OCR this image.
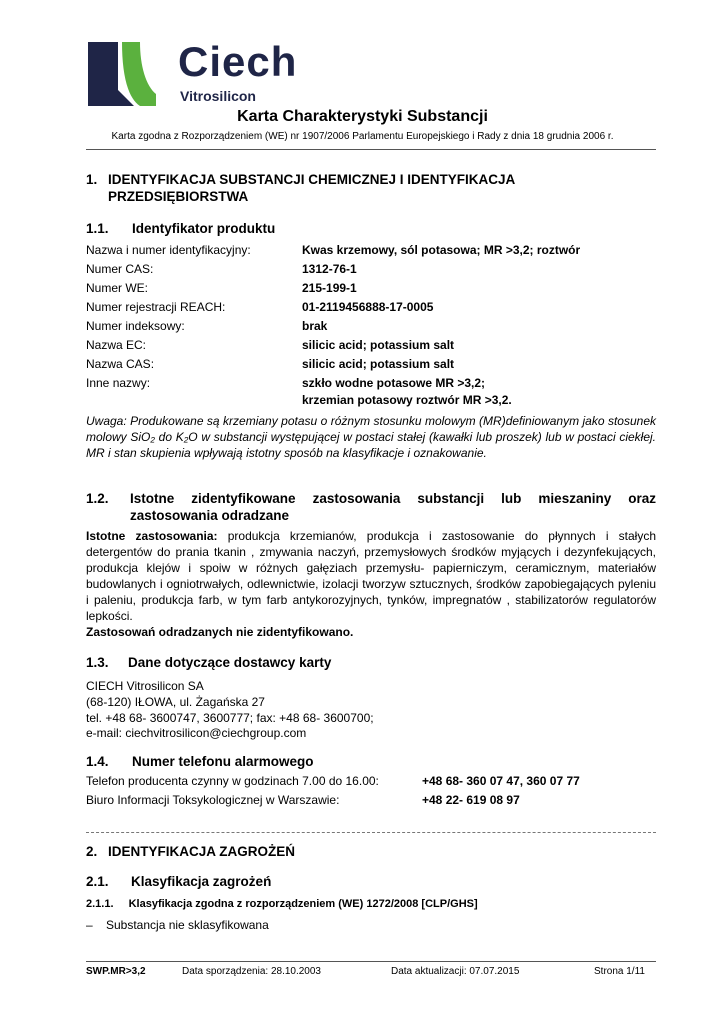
Ciech
Vitrosilicon
Karta Charakterystyki Substancji
Karta zgodna z Rozporządzeniem (WE) nr 1907/2006 Parlamentu Europejskiego i Rady z dnia 18 grudnia 2006 r.
1. IDENTYFIKACJA SUBSTANCJI CHEMICZNEJ I IDENTYFIKACJA PRZEDSIĘBIORSTWA
1.1.	Identyfikator produktu
Nazwa i numer identyfikacyjny:	Kwas krzemowy, sól potasowa; MR >3,2; roztwór
Numer CAS:	1312-76-1
Numer WE:	215-199-1
Numer rejestracji REACH:	01-2119456888-17-0005
Numer indeksowy:	brak
Nazwa EC:	silicic acid; potassium salt
Nazwa CAS:	silicic acid; potassium salt
Inne nazwy:	szkło wodne potasowe MR >3,2;
krzemian potasowy roztwór MR >3,2.
Uwaga: Produkowane są krzemiany potasu o różnym stosunku molowym (MR)definiowanym jako stosunek molowy SiO₂ do K₂O w substancji występującej w postaci stałej (kawałki lub proszek) lub w postaci ciekłej. MR i stan skupienia wpływają istotny sposób na klasyfikacje i oznakowanie.
1.2.	Istotne zidentyfikowane zastosowania substancji lub mieszaniny oraz zastosowania odradzane
Istotne zastosowania: produkcja krzemianów, produkcja i zastosowanie do płynnych i stałych detergentów do prania tkanin , zmywania naczyń, przemysłowych środków myjących i dezynfekujących, produkcja klejów i spoiw w różnych gałęziach przemysłu- papierniczym, ceramicznym, materiałów budowlanych i ogniotrwałych, odlewnictwie, izolacji tworzyw sztucznych, środków zapobiegających pyleniu i paleniu, produkcja farb, w tym farb antykorozyjnych, tynków, impregnatów , stabilizatorów regulatorów lepkości.
Zastosowań odradzanych nie zidentyfikowano.
1.3.	Dane dotyczące dostawcy karty
CIECH Vitrosilicon SA
(68-120) IŁOWA, ul. Żagańska 27
tel. +48 68- 3600747, 3600777; fax: +48 68- 3600700;
e-mail: ciechvitrosilicon@ciechgroup.com
1.4.	Numer telefonu alarmowego
Telefon producenta czynny w godzinach 7.00 do 16.00:	+48 68- 360 07 47, 360 07 77
Biuro Informacji Toksykologicznej w Warszawie:	+48 22- 619 08 97
2. IDENTYFIKACJA ZAGROŻEŃ
2.1.	Klasyfikacja zagrożeń
2.1.1. Klasyfikacja zgodna z rozporządzeniem (WE) 1272/2008 [CLP/GHS]
– Substancja nie sklasyfikowana
SWP.MR>3,2	Data sporządzenia: 28.10.2003	Data aktualizacji: 07.07.2015	Strona 1/11
